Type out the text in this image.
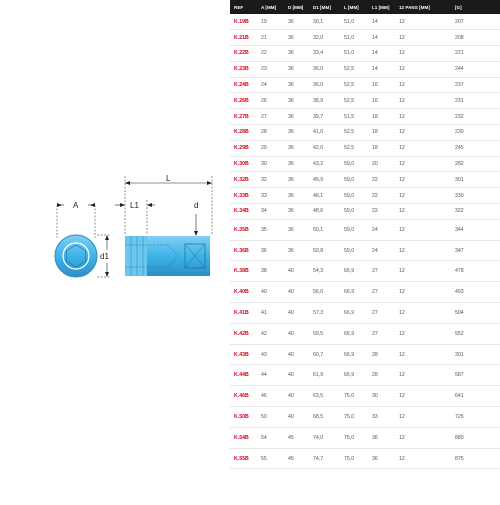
A
d1
L
L1	d
REF	A [MM]	D [MM]	D1 [MM]	L [MM]	L1 [MM]	12 PANS [MM]	[G]
K.19B	19	36	30,1	51,0	14	12	207
K.21B	21	36	32,0	51,0	14	12	208
K.22B	22	36	33,4	51,0	14	12	221
K.23B	23	36	36,0	52,5	14	12	244
K.24B	24	36	36,0	52,5	16	12	237
K.26B	26	36	38,9	52,5	16	12	231
K.27B	27	36	39,7	51,5	18	12	232
K.28B	28	36	41,0	52,5	18	12	230
K.29B	29	36	42,0	52,5	18	12	245
K.30B	30	36	43,2	59,0	20	12	282
K.32B	32	36	45,9	59,0	22	12	301
K.33B	33	36	48,1	59,0	22	12	330
K.34B	34	36	48,6	59,0	22	12	322
K.35B	35	36	50,1	59,0	24	12	344
K.36B	36	36	50,8	59,0	24	12	347
K.38B	38	40	54,3	66,9	27	12	478
K.40B	40	40	56,0	66,9	27	12	493
K.41B	41	40	57,3	66,9	27	12	504
K.42B	42	40	59,5	66,9	27	12	552
K.43B	43	40	60,7	66,9	28	12	301
K.44B	44	40	61,9	66,9	28	12	587
K.46B	46	40	63,5	75,0	30	12	641
K.50B	50	40	68,5	75,0	33	12	725
K.54B	54	45	74,0	75,0	36	12	880
K.55B	55	45	74,7	75,0	36	12	875
